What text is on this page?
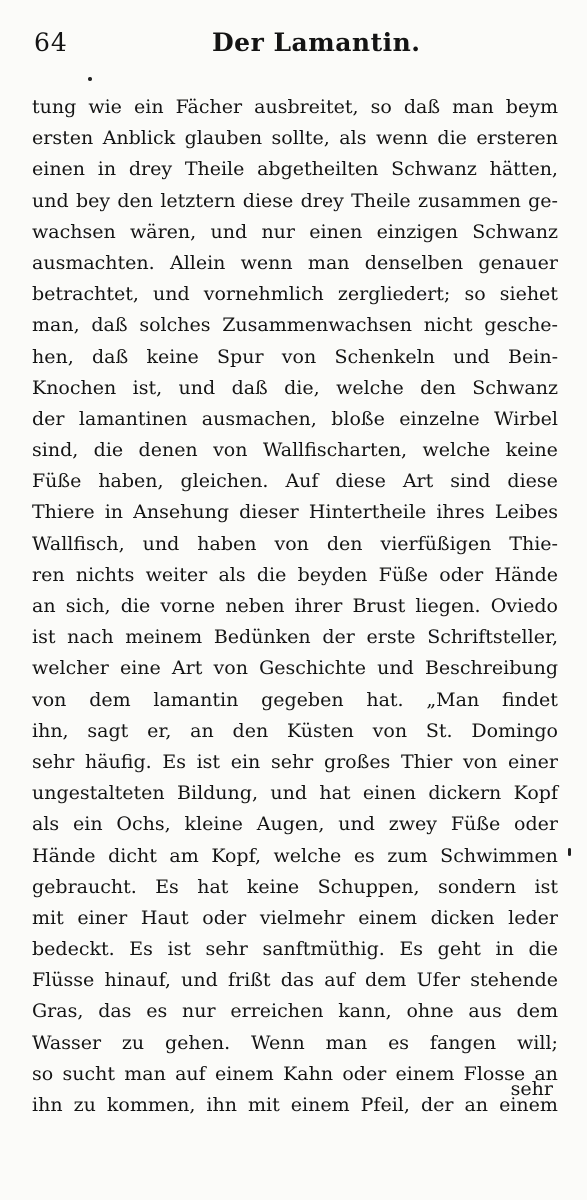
64	Der Lamantin.
tung wie ein Fächer ausbreitet, so daß man beym
ersten Anblick glauben sollte, als wenn die ersteren
einen in drey Theile abgetheilten Schwanz hätten,
und bey den letztern diese drey Theile zusammen ge-
wachsen wären, und nur einen einzigen Schwanz
ausmachten. Allein wenn man denselben genauer
betrachtet, und vornehmlich zergliedert; so siehet
man, daß solches Zusammenwachsen nicht gesche-
hen, daß keine Spur von Schenkeln und Bein-
Knochen ist, und daß die, welche den Schwanz
der lamantinen ausmachen, bloße einzelne Wirbel
sind, die denen von Wallfischarten, welche keine
Füße haben, gleichen. Auf diese Art sind diese
Thiere in Ansehung dieser Hintertheile ihres Leibes
Wallfisch, und haben von den vierfüßigen Thie-
ren nichts weiter als die beyden Füße oder Hände
an sich, die vorne neben ihrer Brust liegen. Oviedo
ist nach meinem Bedünken der erste Schriftsteller,
welcher eine Art von Geschichte und Beschreibung
von dem lamantin gegeben hat. „Man findet
ihn, sagt er, an den Küsten von St. Domingo
sehr häufig. Es ist ein sehr großes Thier von einer
ungestalteten Bildung, und hat einen dickern Kopf
als ein Ochs, kleine Augen, und zwey Füße oder
Hände dicht am Kopf, welche es zum Schwimmen
gebraucht. Es hat keine Schuppen, sondern ist
mit einer Haut oder vielmehr einem dicken leder
bedeckt. Es ist sehr sanftmüthig. Es geht in die
Flüsse hinauf, und frißt das auf dem Ufer stehende
Gras, das es nur erreichen kann, ohne aus dem
Wasser zu gehen. Wenn man es fangen will;
so sucht man auf einem Kahn oder einem Flosse an
ihn zu kommen, ihn mit einem Pfeil, der an einem
sehr
